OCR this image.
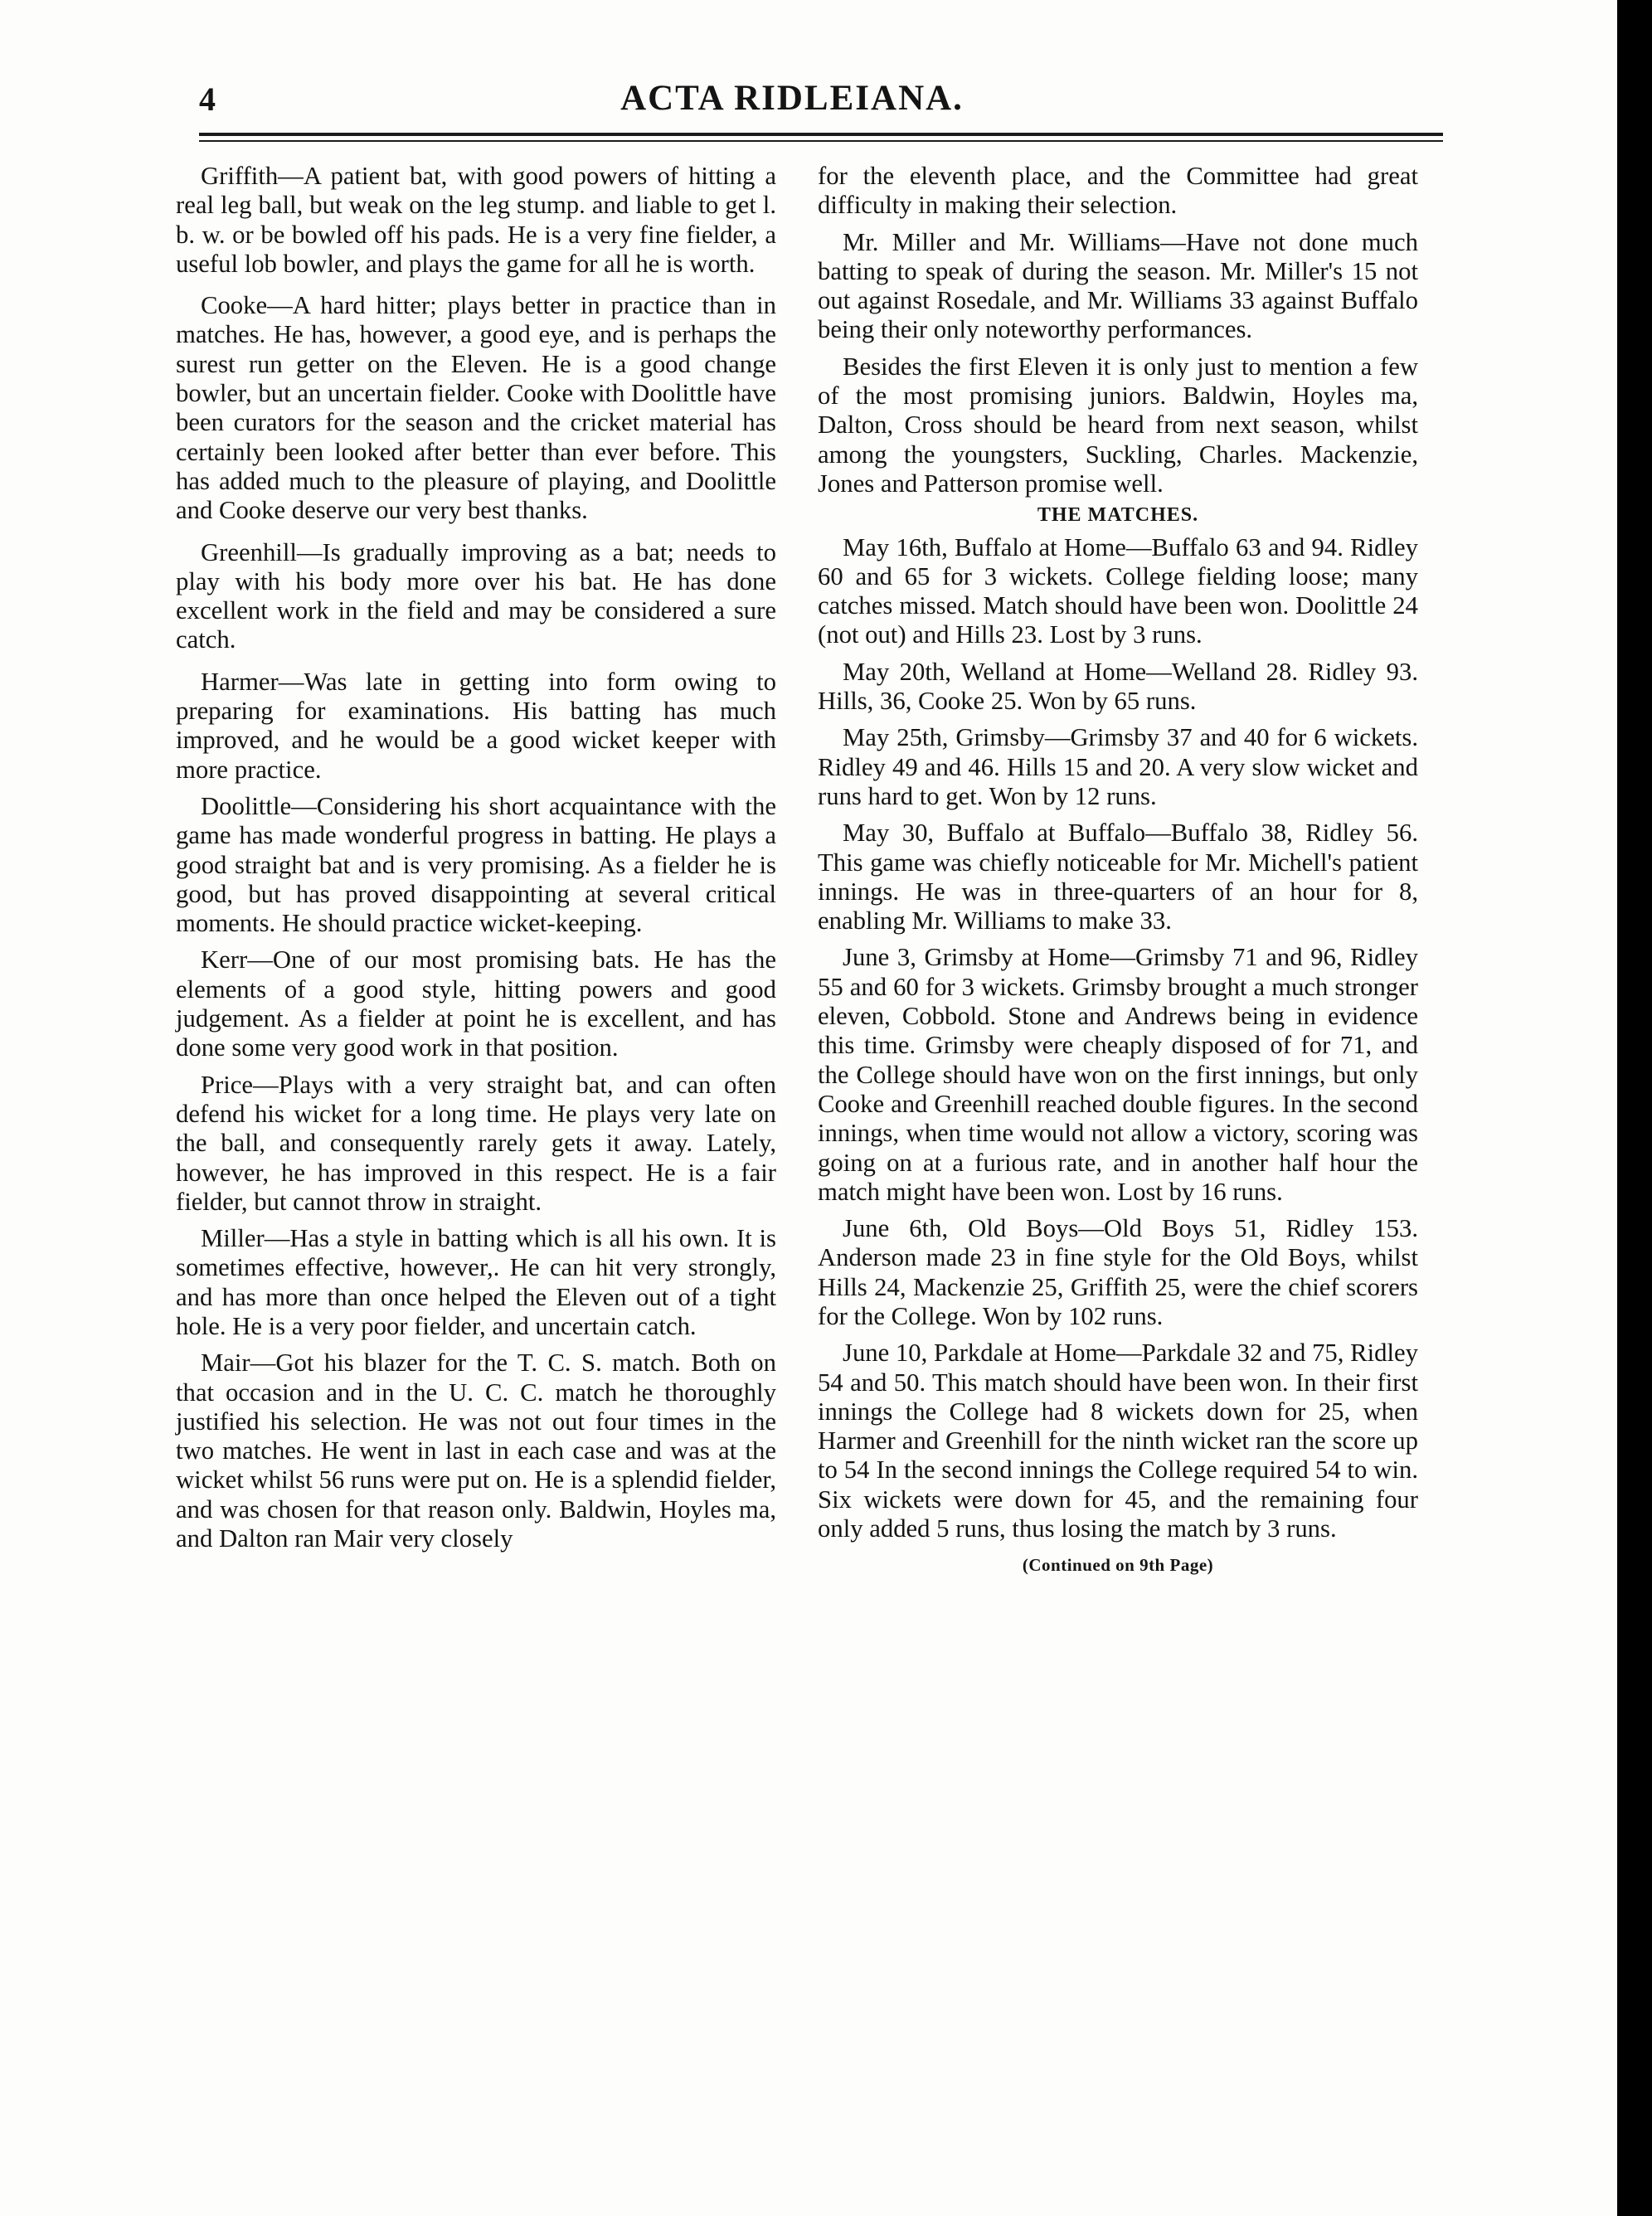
4	ACTA RIDLEIANA.

Griffith—A patient bat, with good powers of hitting a real leg ball, but weak on the leg stump. and liable to get l. b. w. or be bowled off his pads. He is a very fine fielder, a useful lob bowler, and plays the game for all he is worth.

Cooke—A hard hitter; plays better in practice than in matches. He has, however, a good eye, and is perhaps the surest run getter on the Eleven. He is a good change bowler, but an uncertain fielder. Cooke with Doolittle have been curators for the season and the cricket material has certainly been looked after better than ever before. This has added much to the pleasure of playing, and Doolittle and Cooke deserve our very best thanks.

Greenhill—Is gradually improving as a bat; needs to play with his body more over his bat. He has done excellent work in the field and may be considered a sure catch.

Harmer—Was late in getting into form owing to preparing for examinations. His batting has much improved, and he would be a good wicket keeper with more practice.

Doolittle—Considering his short acquaintance with the game has made wonderful progress in batting. He plays a good straight bat and is very promising. As a fielder he is good, but has proved disappointing at several critical moments. He should practice wicket-keeping.

Kerr—One of our most promising bats. He has the elements of a good style, hitting powers and good judgement. As a fielder at point he is excellent, and has done some very good work in that position.

Price—Plays with a very straight bat, and can often defend his wicket for a long time. He plays very late on the ball, and consequently rarely gets it away. Lately, however, he has improved in this respect. He is a fair fielder, but cannot throw in straight.

Miller—Has a style in batting which is all his own. It is sometimes effective, however,. He can hit very strongly, and has more than once helped the Eleven out of a tight hole. He is a very poor fielder, and uncertain catch.

Mair—Got his blazer for the T. C. S. match. Both on that occasion and in the U. C. C. match he thoroughly justified his selection. He was not out four times in the two matches. He went in last in each case and was at the wicket whilst 56 runs were put on. He is a splendid fielder, and was chosen for that reason only. Baldwin, Hoyles ma, and Dalton ran Mair very closely

for the eleventh place, and the Committee had great difficulty in making their selection.

Mr. Miller and Mr. Williams—Have not done much batting to speak of during the season. Mr. Miller's 15 not out against Rosedale, and Mr. Williams 33 against Buffalo being their only noteworthy performances.

Besides the first Eleven it is only just to mention a few of the most promising juniors. Baldwin, Hoyles ma, Dalton, Cross should be heard from next season, whilst among the youngsters, Suckling, Charles. Mackenzie, Jones and Patterson promise well.

THE MATCHES.

May 16th, Buffalo at Home—Buffalo 63 and 94. Ridley 60 and 65 for 3 wickets. College fielding loose; many catches missed. Match should have been won. Doolittle 24 (not out) and Hills 23. Lost by 3 runs.

May 20th, Welland at Home—Welland 28. Ridley 93. Hills, 36, Cooke 25. Won by 65 runs.

May 25th, Grimsby—Grimsby 37 and 40 for 6 wickets. Ridley 49 and 46. Hills 15 and 20. A very slow wicket and runs hard to get. Won by 12 runs.

May 30, Buffalo at Buffalo—Buffalo 38, Ridley 56. This game was chiefly noticeable for Mr. Michell's patient innings. He was in three-quarters of an hour for 8, enabling Mr. Williams to make 33.

June 3, Grimsby at Home—Grimsby 71 and 96, Ridley 55 and 60 for 3 wickets. Grimsby brought a much stronger eleven, Cobbold. Stone and Andrews being in evidence this time. Grimsby were cheaply disposed of for 71, and the College should have won on the first innings, but only Cooke and Greenhill reached double figures. In the second innings, when time would not allow a victory, scoring was going on at a furious rate, and in another half hour the match might have been won. Lost by 16 runs.

June 6th, Old Boys—Old Boys 51, Ridley 153. Anderson made 23 in fine style for the Old Boys, whilst Hills 24, Mackenzie 25, Griffith 25, were the chief scorers for the College. Won by 102 runs.

June 10, Parkdale at Home—Parkdale 32 and 75, Ridley 54 and 50. This match should have been won. In their first innings the College had 8 wickets down for 25, when Harmer and Greenhill for the ninth wicket ran the score up to 54 In the second innings the College required 54 to win. Six wickets were down for 45, and the remaining four only added 5 runs, thus losing the match by 3 runs.

(Continued on 9th Page)
